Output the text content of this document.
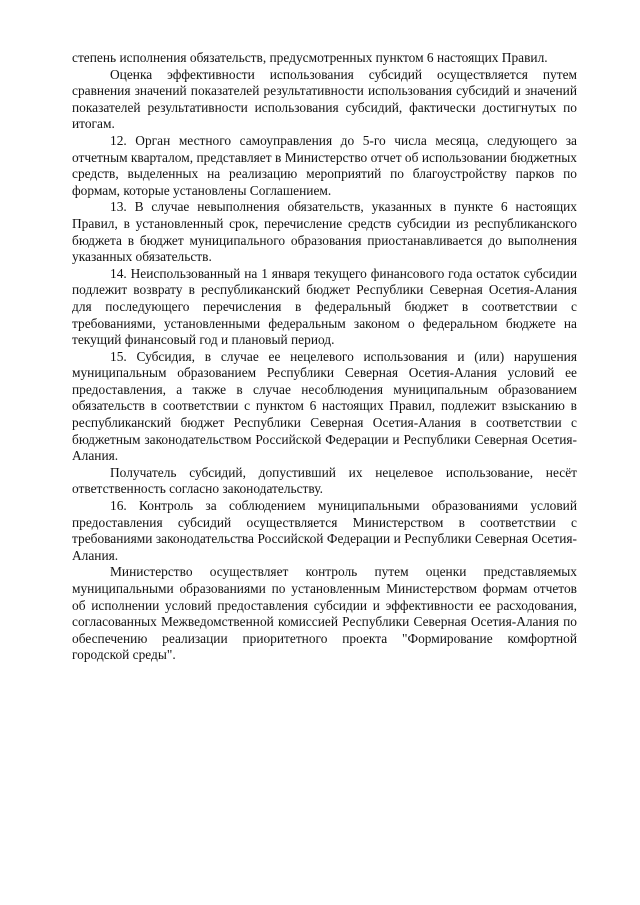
степень исполнения обязательств, предусмотренных пунктом 6 настоящих Правил.

Оценка эффективности использования субсидий осуществляется путем сравнения значений показателей результативности использования субсидий и значений показателей результативности использования субсидий, фактически достигнутых по итогам.

12. Орган местного самоуправления до 5-го числа месяца, следующего за отчетным кварталом, представляет в Министерство отчет об использовании бюджетных средств, выделенных на реализацию мероприятий по благоустройству парков по формам, которые установлены Соглашением.

13. В случае невыполнения обязательств, указанных в пункте 6 настоящих Правил, в установленный срок, перечисление средств субсидии из республиканского бюджета в бюджет муниципального образования приостанавливается до выполнения указанных обязательств.

14. Неиспользованный на 1 января текущего финансового года остаток субсидии подлежит возврату в республиканский бюджет Республики Северная Осетия-Алания для последующего перечисления в федеральный бюджет в соответствии с требованиями, установленными федеральным законом о федеральном бюджете на текущий финансовый год и плановый период.

15. Субсидия, в случае ее нецелевого использования и (или) нарушения муниципальным образованием Республики Северная Осетия-Алания условий ее предоставления, а также в случае несоблюдения муниципальным образованием обязательств в соответствии с пунктом 6 настоящих Правил, подлежит взысканию в республиканский бюджет Республики Северная Осетия-Алания в соответствии с бюджетным законодательством Российской Федерации и Республики Северная Осетия-Алания.

Получатель субсидий, допустивший их нецелевое использование, несёт ответственность согласно законодательству.

16. Контроль за соблюдением муниципальными образованиями условий предоставления субсидий осуществляется Министерством в соответствии с требованиями законодательства Российской Федерации и Республики Северная Осетия-Алания.

Министерство осуществляет контроль путем оценки представляемых муниципальными образованиями по установленным Министерством формам отчетов об исполнении условий предоставления субсидии и эффективности ее расходования, согласованных Межведомственной комиссией Республики Северная Осетия-Алания по обеспечению реализации приоритетного проекта "Формирование комфортной городской среды".
